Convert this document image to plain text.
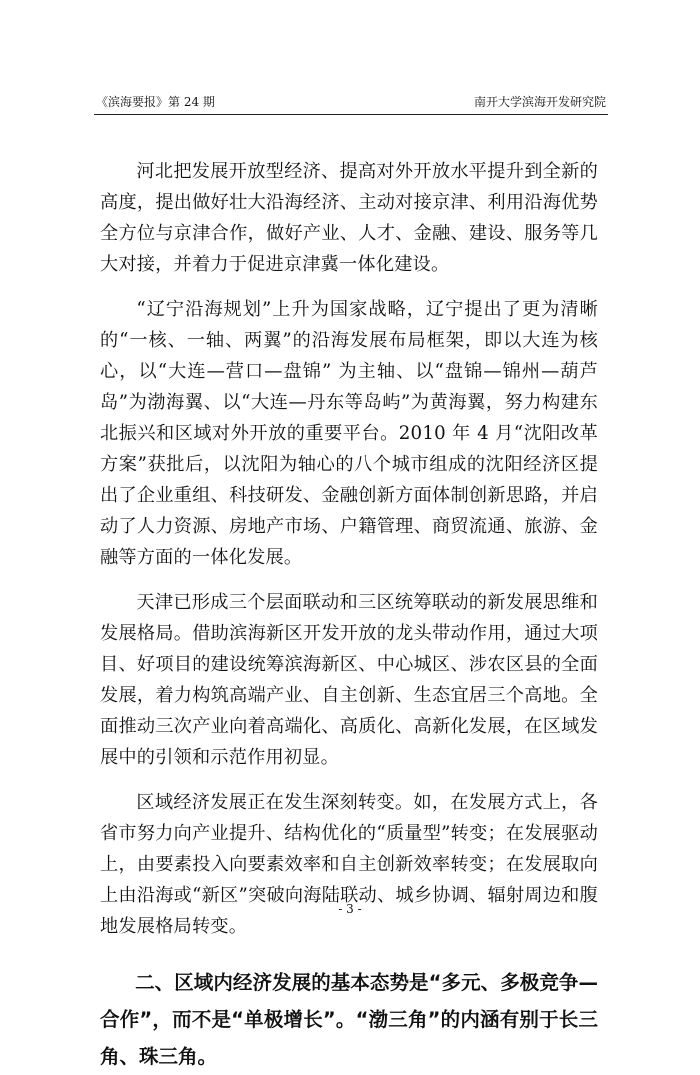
《滨海要报》第 24 期	南开大学滨海开发研究院

河北把发展开放型经济、提高对外开放水平提升到全新的高度，提出做好壮大沿海经济、主动对接京津、利用沿海优势全方位与京津合作，做好产业、人才、金融、建设、服务等几大对接，并着力于促进京津冀一体化建设。

“辽宁沿海规划”上升为国家战略，辽宁提出了更为清晰的“一核、一轴、两翼”的沿海发展布局框架，即以大连为核心，以“大连—营口—盘锦” 为主轴、以“盘锦—锦州—葫芦岛”为渤海翼、以“大连—丹东等岛屿”为黄海翼，努力构建东北振兴和区域对外开放的重要平台。2010 年 4 月“沈阳改革方案”获批后，以沈阳为轴心的八个城市组成的沈阳经济区提出了企业重组、科技研发、金融创新方面体制创新思路，并启动了人力资源、房地产市场、户籍管理、商贸流通、旅游、金融等方面的一体化发展。

天津已形成三个层面联动和三区统筹联动的新发展思维和发展格局。借助滨海新区开发开放的龙头带动作用，通过大项目、好项目的建设统筹滨海新区、中心城区、涉农区县的全面发展，着力构筑高端产业、自主创新、生态宜居三个高地。全面推动三次产业向着高端化、高质化、高新化发展，在区域发展中的引领和示范作用初显。

区域经济发展正在发生深刻转变。如，在发展方式上，各省市努力向产业提升、结构优化的“质量型”转变；在发展驱动上，由要素投入向要素效率和自主创新效率转变；在发展取向上由沿海或“新区”突破向海陆联动、城乡协调、辐射周边和腹地发展格局转变。

二、区域内经济发展的基本态势是“多元、多极竞争—合作”，而不是“单极增长”。“渤三角”的内涵有别于长三角、珠三角。

- 3 -
